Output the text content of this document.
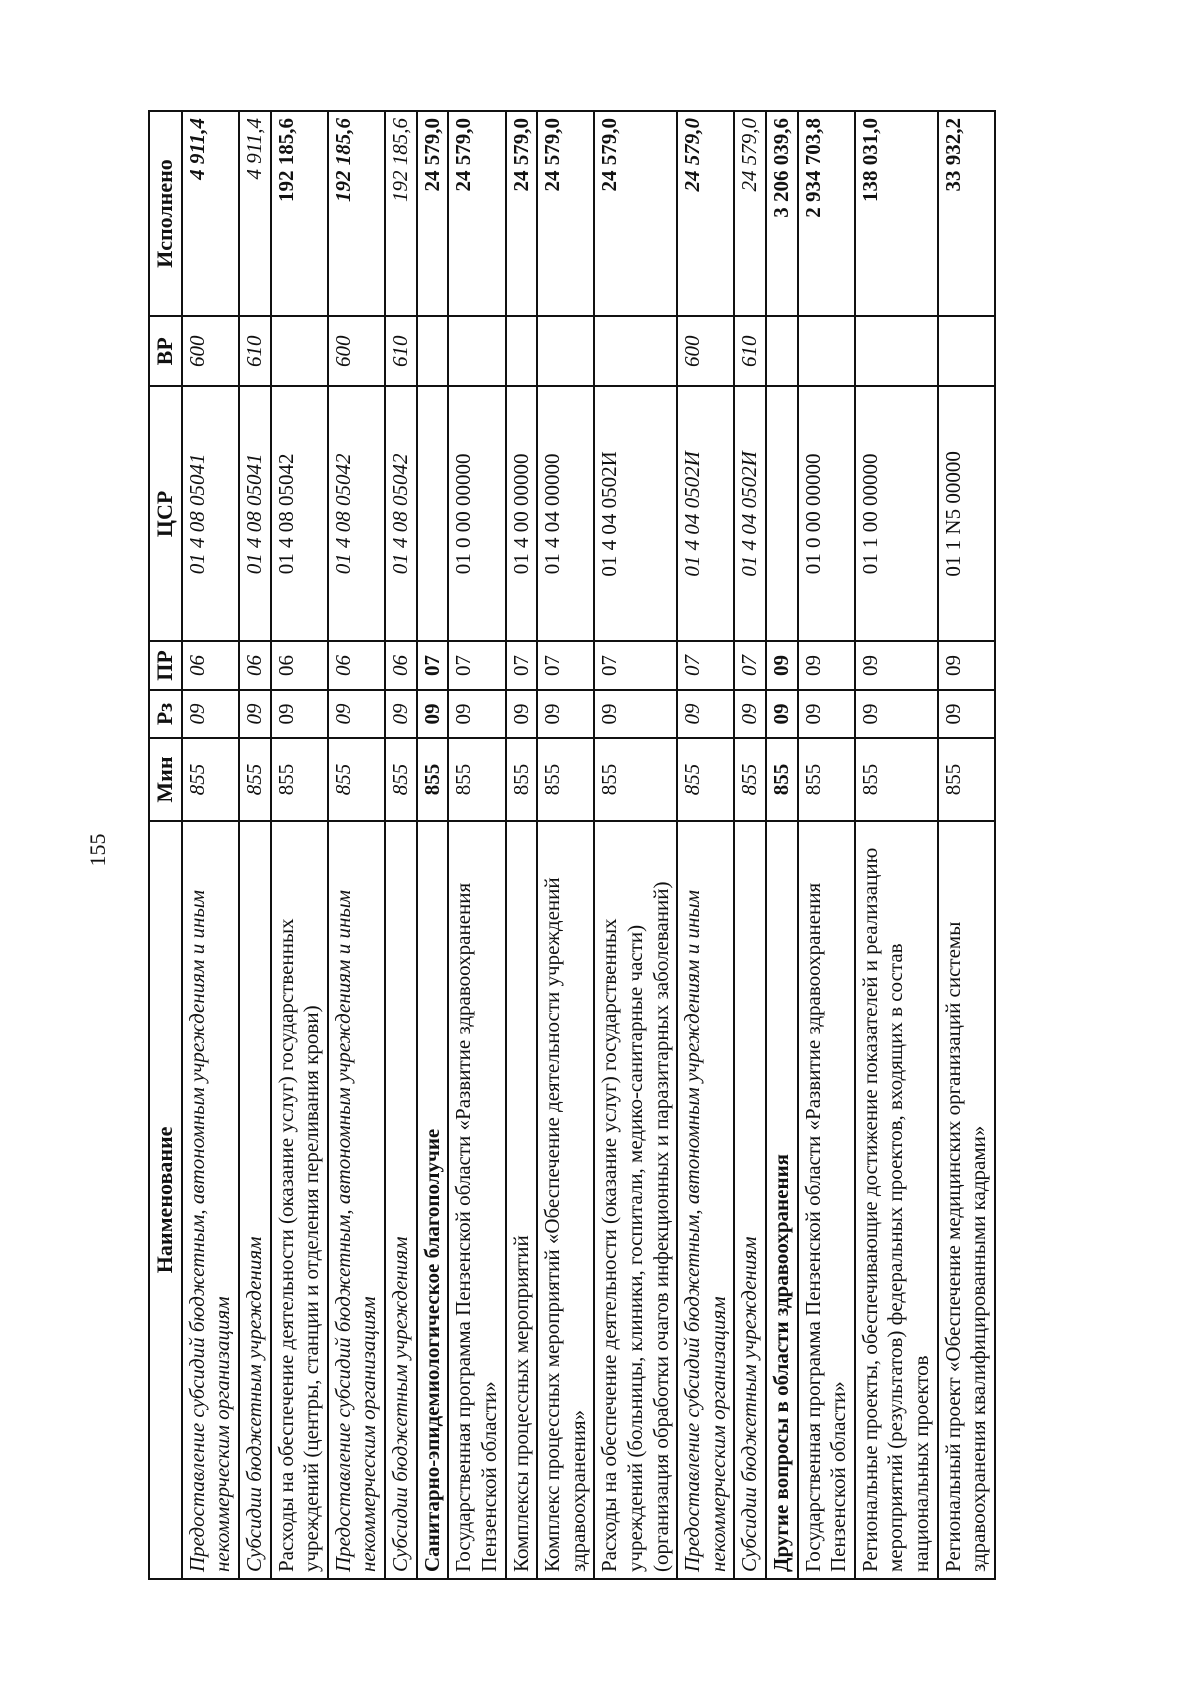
155
Наименование	Мин	Рз	ПР	ЦСР	ВР	Исполнено
Предоставление субсидий бюджетным, автономным учреждениям и иным некоммерческим организациям	855	09	06	01 4 08 05041	600	4 911,4
Субсидии бюджетным учреждениям	855	09	06	01 4 08 05041	610	4 911,4
Расходы на обеспечение деятельности (оказание услуг) государственных учреждений (центры, станции и отделения переливания крови)	855	09	06	01 4 08 05042		192 185,6
Предоставление субсидий бюджетным, автономным учреждениям и иным некоммерческим организациям	855	09	06	01 4 08 05042	600	192 185,6
Субсидии бюджетным учреждениям	855	09	06	01 4 08 05042	610	192 185,6
Санитарно-эпидемиологическое благополучие	855	09	07			24 579,0
Государственная программа Пензенской области «Развитие здравоохранения Пензенской области»	855	09	07	01 0 00 00000		24 579,0
Комплексы процессных мероприятий	855	09	07	01 4 00 00000		24 579,0
Комплекс процессных мероприятий «Обеспечение деятельности учреждений здравоохранения»	855	09	07	01 4 04 00000		24 579,0
Расходы на обеспечение деятельности (оказание услуг) государственных учреждений (больницы, клиники, госпитали, медико-санитарные части) (организация обработки очагов инфекционных и паразитарных заболеваний)	855	09	07	01 4 04 0502И		24 579,0
Предоставление субсидий бюджетным, автономным учреждениям и иным некоммерческим организациям	855	09	07	01 4 04 0502И	600	24 579,0
Субсидии бюджетным учреждениям	855	09	07	01 4 04 0502И	610	24 579,0
Другие вопросы в области здравоохранения	855	09	09			3 206 039,6
Государственная программа Пензенской области «Развитие здравоохранения Пензенской области»	855	09	09	01 0 00 00000		2 934 703,8
Региональные проекты, обеспечивающие достижение показателей и реализацию мероприятий (результатов) федеральных проектов, входящих в состав национальных проектов	855	09	09	01 1 00 00000		138 031,0
Региональный проект «Обеспечение медицинских организаций системы здравоохранения квалифицированными кадрами»	855	09	09	01 1 N5 00000		33 932,2
